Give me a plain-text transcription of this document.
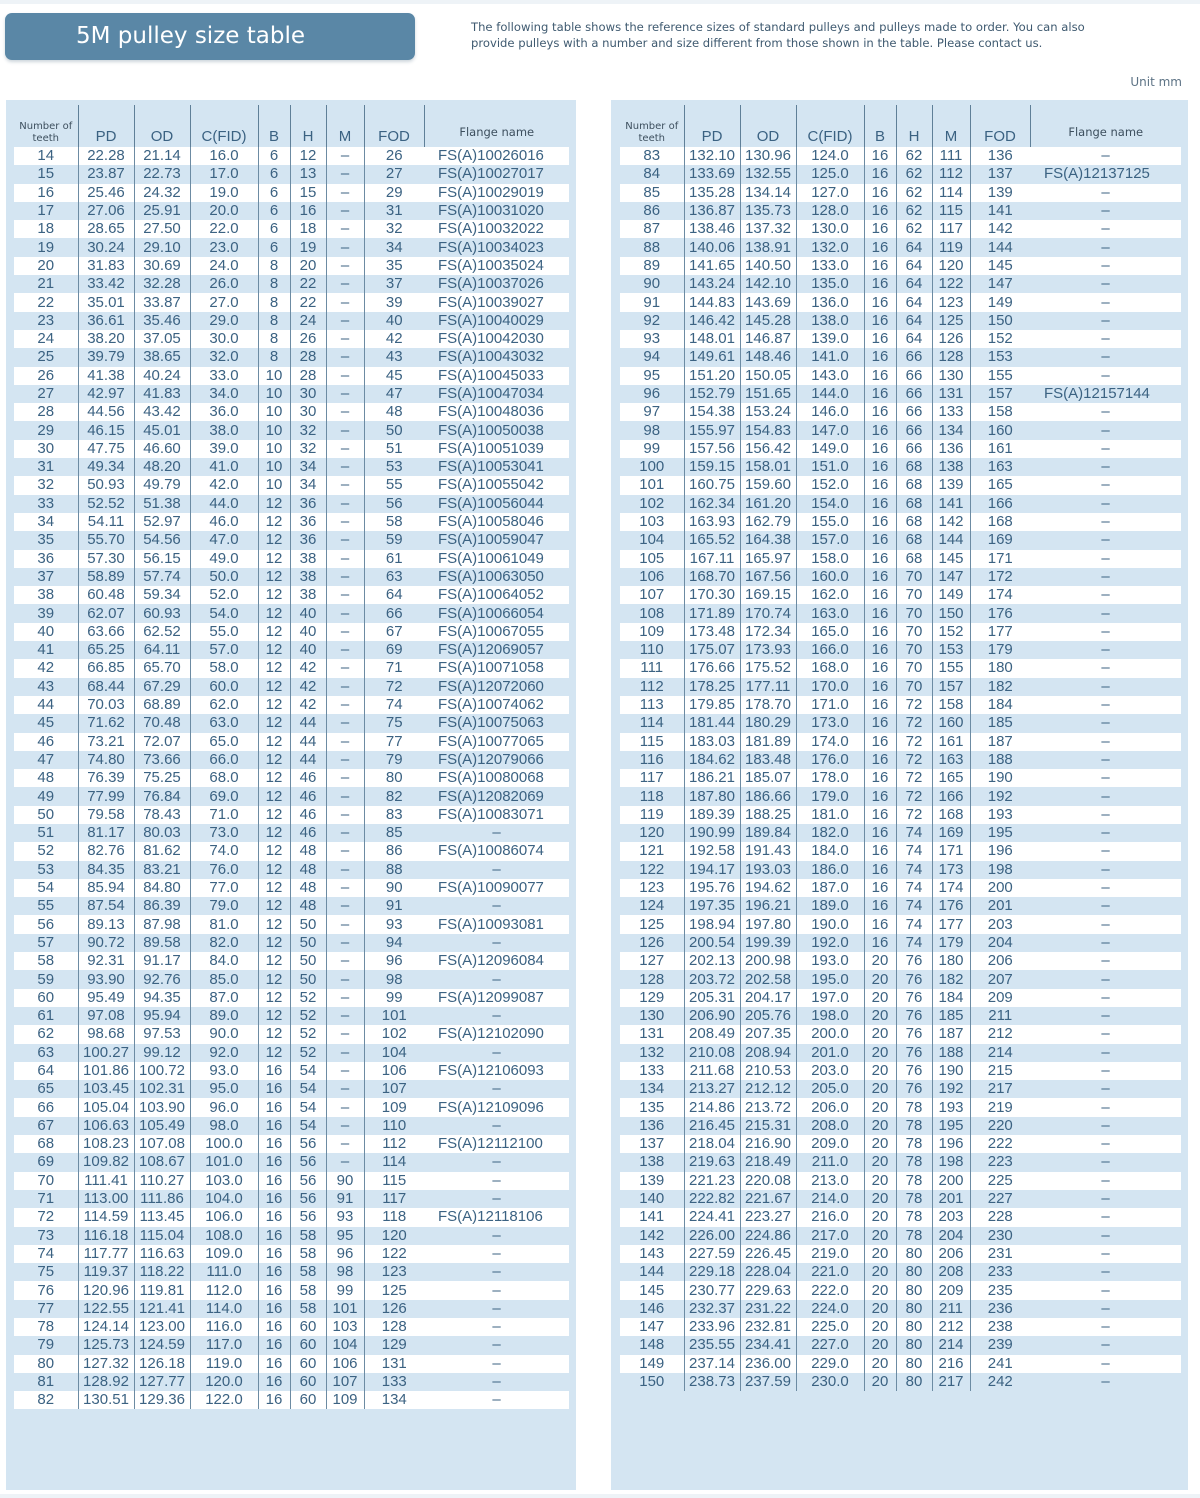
5M pulley size table	The following table shows the reference sizes of standard pulleys and pulleys made to order. You can also provide pulleys with a number and size different from those shown in the table. Please contact us.
Unit mm
Number of teeth	PD	OD	C(FID)	B	H	M	FOD	Flange name
14	22.28	21.14	16.0	6	12	–	26	FS(A)10026016
15	23.87	22.73	17.0	6	13	–	27	FS(A)10027017
16	25.46	24.32	19.0	6	15	–	29	FS(A)10029019
17	27.06	25.91	20.0	6	16	–	31	FS(A)10031020
18	28.65	27.50	22.0	6	18	–	32	FS(A)10032022
19	30.24	29.10	23.0	6	19	–	34	FS(A)10034023
20	31.83	30.69	24.0	8	20	–	35	FS(A)10035024
21	33.42	32.28	26.0	8	22	–	37	FS(A)10037026
22	35.01	33.87	27.0	8	22	–	39	FS(A)10039027
23	36.61	35.46	29.0	8	24	–	40	FS(A)10040029
24	38.20	37.05	30.0	8	26	–	42	FS(A)10042030
25	39.79	38.65	32.0	8	28	–	43	FS(A)10043032
26	41.38	40.24	33.0	10	28	–	45	FS(A)10045033
27	42.97	41.83	34.0	10	30	–	47	FS(A)10047034
28	44.56	43.42	36.0	10	30	–	48	FS(A)10048036
29	46.15	45.01	38.0	10	32	–	50	FS(A)10050038
30	47.75	46.60	39.0	10	32	–	51	FS(A)10051039
31	49.34	48.20	41.0	10	34	–	53	FS(A)10053041
32	50.93	49.79	42.0	10	34	–	55	FS(A)10055042
33	52.52	51.38	44.0	12	36	–	56	FS(A)10056044
34	54.11	52.97	46.0	12	36	–	58	FS(A)10058046
35	55.70	54.56	47.0	12	36	–	59	FS(A)10059047
36	57.30	56.15	49.0	12	38	–	61	FS(A)10061049
37	58.89	57.74	50.0	12	38	–	63	FS(A)10063050
38	60.48	59.34	52.0	12	38	–	64	FS(A)10064052
39	62.07	60.93	54.0	12	40	–	66	FS(A)10066054
40	63.66	62.52	55.0	12	40	–	67	FS(A)10067055
41	65.25	64.11	57.0	12	40	–	69	FS(A)12069057
42	66.85	65.70	58.0	12	42	–	71	FS(A)10071058
43	68.44	67.29	60.0	12	42	–	72	FS(A)12072060
44	70.03	68.89	62.0	12	42	–	74	FS(A)10074062
45	71.62	70.48	63.0	12	44	–	75	FS(A)10075063
46	73.21	72.07	65.0	12	44	–	77	FS(A)10077065
47	74.80	73.66	66.0	12	44	–	79	FS(A)12079066
48	76.39	75.25	68.0	12	46	–	80	FS(A)10080068
49	77.99	76.84	69.0	12	46	–	82	FS(A)12082069
50	79.58	78.43	71.0	12	46	–	83	FS(A)10083071
51	81.17	80.03	73.0	12	46	–	85	–
52	82.76	81.62	74.0	12	48	–	86	FS(A)10086074
53	84.35	83.21	76.0	12	48	–	88	–
54	85.94	84.80	77.0	12	48	–	90	FS(A)10090077
55	87.54	86.39	79.0	12	48	–	91	–
56	89.13	87.98	81.0	12	50	–	93	FS(A)10093081
57	90.72	89.58	82.0	12	50	–	94	–
58	92.31	91.17	84.0	12	50	–	96	FS(A)12096084
59	93.90	92.76	85.0	12	50	–	98	–
60	95.49	94.35	87.0	12	52	–	99	FS(A)12099087
61	97.08	95.94	89.0	12	52	–	101	–
62	98.68	97.53	90.0	12	52	–	102	FS(A)12102090
63	100.27	99.12	92.0	12	52	–	104	–
64	101.86	100.72	93.0	16	54	–	106	FS(A)12106093
65	103.45	102.31	95.0	16	54	–	107	–
66	105.04	103.90	96.0	16	54	–	109	FS(A)12109096
67	106.63	105.49	98.0	16	54	–	110	–
68	108.23	107.08	100.0	16	56	–	112	FS(A)12112100
69	109.82	108.67	101.0	16	56	–	114	–
70	111.41	110.27	103.0	16	56	90	115	–
71	113.00	111.86	104.0	16	56	91	117	–
72	114.59	113.45	106.0	16	56	93	118	FS(A)12118106
73	116.18	115.04	108.0	16	58	95	120	–
74	117.77	116.63	109.0	16	58	96	122	–
75	119.37	118.22	111.0	16	58	98	123	–
76	120.96	119.81	112.0	16	58	99	125	–
77	122.55	121.41	114.0	16	58	101	126	–
78	124.14	123.00	116.0	16	60	103	128	–
79	125.73	124.59	117.0	16	60	104	129	–
80	127.32	126.18	119.0	16	60	106	131	–
81	128.92	127.77	120.0	16	60	107	133	–
82	130.51	129.36	122.0	16	60	109	134	–
Number of teeth	PD	OD	C(FID)	B	H	M	FOD	Flange name
83	132.10	130.96	124.0	16	62	111	136	–
84	133.69	132.55	125.0	16	62	112	137	FS(A)12137125
85	135.28	134.14	127.0	16	62	114	139	–
86	136.87	135.73	128.0	16	62	115	141	–
87	138.46	137.32	130.0	16	62	117	142	–
88	140.06	138.91	132.0	16	64	119	144	–
89	141.65	140.50	133.0	16	64	120	145	–
90	143.24	142.10	135.0	16	64	122	147	–
91	144.83	143.69	136.0	16	64	123	149	–
92	146.42	145.28	138.0	16	64	125	150	–
93	148.01	146.87	139.0	16	64	126	152	–
94	149.61	148.46	141.0	16	66	128	153	–
95	151.20	150.05	143.0	16	66	130	155	–
96	152.79	151.65	144.0	16	66	131	157	FS(A)12157144
97	154.38	153.24	146.0	16	66	133	158	–
98	155.97	154.83	147.0	16	66	134	160	–
99	157.56	156.42	149.0	16	66	136	161	–
100	159.15	158.01	151.0	16	68	138	163	–
101	160.75	159.60	152.0	16	68	139	165	–
102	162.34	161.20	154.0	16	68	141	166	–
103	163.93	162.79	155.0	16	68	142	168	–
104	165.52	164.38	157.0	16	68	144	169	–
105	167.11	165.97	158.0	16	68	145	171	–
106	168.70	167.56	160.0	16	70	147	172	–
107	170.30	169.15	162.0	16	70	149	174	–
108	171.89	170.74	163.0	16	70	150	176	–
109	173.48	172.34	165.0	16	70	152	177	–
110	175.07	173.93	166.0	16	70	153	179	–
111	176.66	175.52	168.0	16	70	155	180	–
112	178.25	177.11	170.0	16	70	157	182	–
113	179.85	178.70	171.0	16	72	158	184	–
114	181.44	180.29	173.0	16	72	160	185	–
115	183.03	181.89	174.0	16	72	161	187	–
116	184.62	183.48	176.0	16	72	163	188	–
117	186.21	185.07	178.0	16	72	165	190	–
118	187.80	186.66	179.0	16	72	166	192	–
119	189.39	188.25	181.0	16	72	168	193	–
120	190.99	189.84	182.0	16	74	169	195	–
121	192.58	191.43	184.0	16	74	171	196	–
122	194.17	193.03	186.0	16	74	173	198	–
123	195.76	194.62	187.0	16	74	174	200	–
124	197.35	196.21	189.0	16	74	176	201	–
125	198.94	197.80	190.0	16	74	177	203	–
126	200.54	199.39	192.0	16	74	179	204	–
127	202.13	200.98	193.0	20	76	180	206	–
128	203.72	202.58	195.0	20	76	182	207	–
129	205.31	204.17	197.0	20	76	184	209	–
130	206.90	205.76	198.0	20	76	185	211	–
131	208.49	207.35	200.0	20	76	187	212	–
132	210.08	208.94	201.0	20	76	188	214	–
133	211.68	210.53	203.0	20	76	190	215	–
134	213.27	212.12	205.0	20	76	192	217	–
135	214.86	213.72	206.0	20	78	193	219	–
136	216.45	215.31	208.0	20	78	195	220	–
137	218.04	216.90	209.0	20	78	196	222	–
138	219.63	218.49	211.0	20	78	198	223	–
139	221.23	220.08	213.0	20	78	200	225	–
140	222.82	221.67	214.0	20	78	201	227	–
141	224.41	223.27	216.0	20	78	203	228	–
142	226.00	224.86	217.0	20	78	204	230	–
143	227.59	226.45	219.0	20	80	206	231	–
144	229.18	228.04	221.0	20	80	208	233	–
145	230.77	229.63	222.0	20	80	209	235	–
146	232.37	231.22	224.0	20	80	211	236	–
147	233.96	232.81	225.0	20	80	212	238	–
148	235.55	234.41	227.0	20	80	214	239	–
149	237.14	236.00	229.0	20	80	216	241	–
150	238.73	237.59	230.0	20	80	217	242	–
